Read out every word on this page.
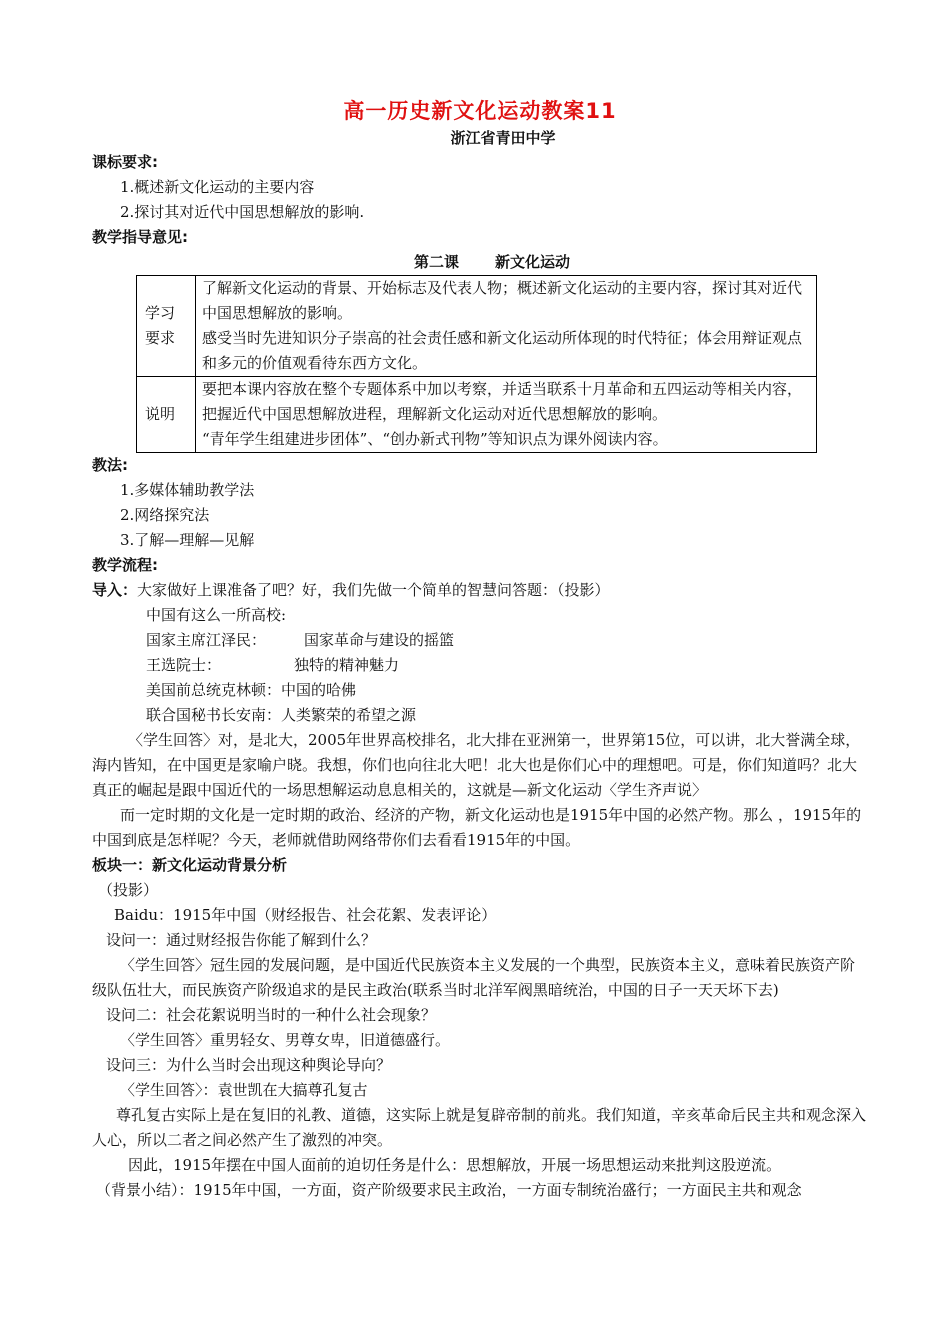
高一历史新文化运动教案11
浙江省青田中学
课标要求:
1.概述新文化运动的主要内容
2.探讨其对近代中国思想解放的影响.
教学指导意见:
第二课 新文化运动
学习要求	了解新文化运动的背景、开始标志及代表人物；概述新文化运动的主要内容，探讨其对近代中国思想解放的影响。

感受当时先进知识分子崇高的社会责任感和新文化运动所体现的时代特征；体会用辩证观点和多元的价值观看待东西方文化。

说明	要把本课内容放在整个专题体系中加以考察，并适当联系十月革命和五四运动等相关内容，把握近代中国思想解放进程，理解新文化运动对近代思想解放的影响。

“青年学生组建进步团体”、“创办新式刊物”等知识点为课外阅读内容。

教法:
1.多媒体辅助教学法
2.网络探究法
3.了解—理解—见解
教学流程:
导入：大家做好上课准备了吧？好，我们先做一个简单的智慧问答题：（投影）
中国有这么一所高校:
国家主席江泽民：	国家革命与建设的摇篮
王选院士：	独特的精神魅力
美国前总统克林顿： 中国的哈佛
联合国秘书长安南： 人类繁荣的希望之源

〈学生回答〉对，是北大，2005年世界高校排名，北大排在亚洲第一，世界第15位，可以讲，北大誉满全球，海内皆知，在中国更是家喻户晓。我想，你们也向往北大吧！北大也是你们心中的理想吧。可是，你们知道吗？北大真正的崛起是跟中国近代的一场思想解运动息息相关的，这就是—新文化运动〈学生齐声说〉

而一定时期的文化是一定时期的政治、经济的产物，新文化运动也是1915年中国的必然产物。那么 ，1915年的中国到底是怎样呢？今天，老师就借助网络带你们去看看1915年的中国。

板块一：新文化运动背景分析
（投影）
Baidu：1915年中国（财经报告、社会花絮、发表评论）
设问一：通过财经报告你能了解到什么？

〈学生回答〉冠生园的发展问题，是中国近代民族资本主义发展的一个典型，民族资本主义，意味着民族资产阶级队伍壮大，而民族资产阶级追求的是民主政治(联系当时北洋军阀黑暗统治，中国的日子一天天坏下去)

设问二：社会花絮说明当时的一种什么社会现象？
〈学生回答〉重男轻女、男尊女卑，旧道德盛行。
设问三：为什么当时会出现这种舆论导向？
〈学生回答〉：袁世凯在大搞尊孔复古

尊孔复古实际上是在复旧的礼教、道德，这实际上就是复辟帝制的前兆。我们知道，辛亥革命后民主共和观念深入人心，所以二者之间必然产生了激烈的冲突。

因此，1915年摆在中国人面前的迫切任务是什么：思想解放，开展一场思想运动来批判这股逆流。

（背景小结）：1915年中国，一方面，资产阶级要求民主政治，一方面专制统治盛行；一方面民主共和观念
